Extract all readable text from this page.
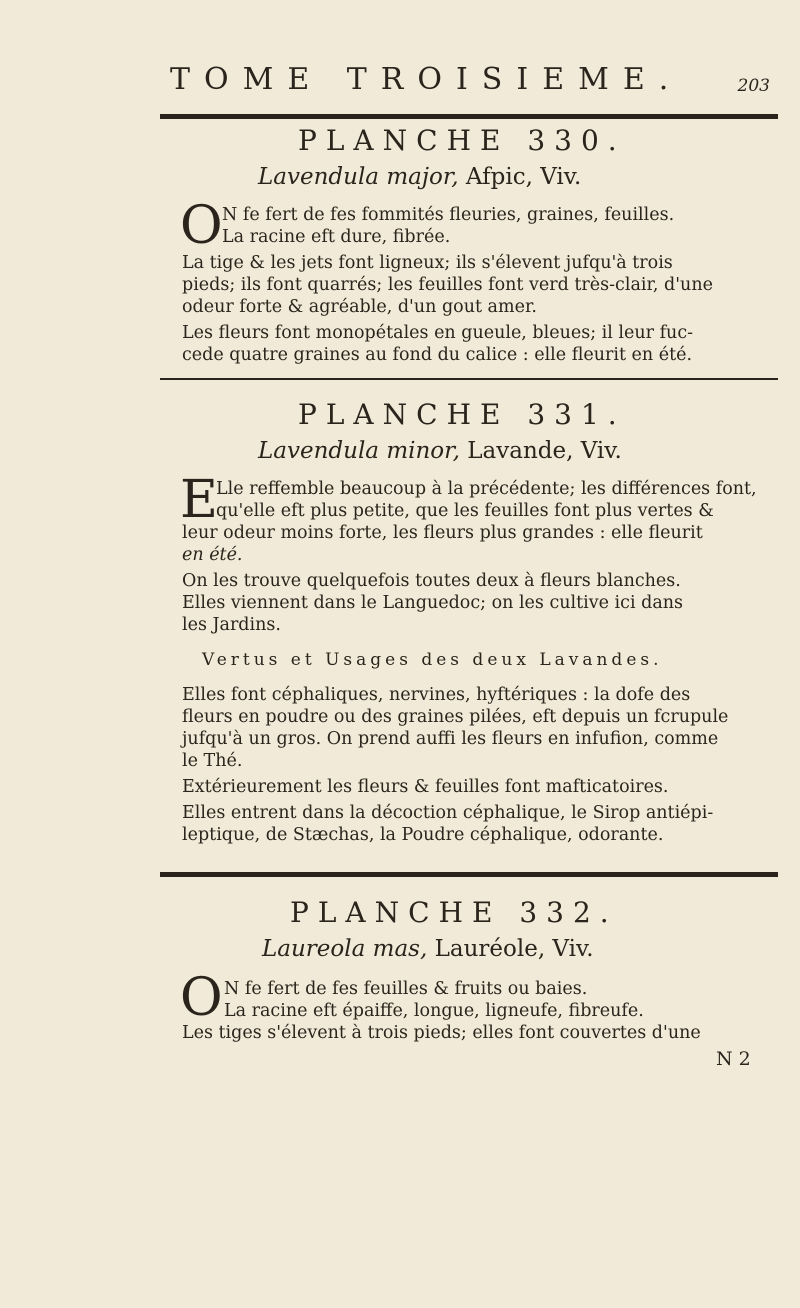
TOME TROISIEME.	203
PLANCHE 330.
Lavendula major, Afpic, Viv.
O N fe fert de fes fommités fleuries, graines, feuilles.
La racine eft dure, fibrée.

La tige & les jets font ligneux; ils s'élevent jufqu'à trois
pieds; ils font quarrés; les feuilles font verd très-clair, d'une
odeur forte & agréable, d'un gout amer.

Les fleurs font monopétales en gueule, bleues; il leur fuc-
cede quatre graines au fond du calice : elle fleurit en été.

PLANCHE 331.
Lavendula minor, Lavande, Viv.
E

Lle reffemble beaucoup à la précédente; les différences font,
qu'elle eft plus petite, que les feuilles font plus vertes &

leur odeur moins forte, les fleurs plus grandes : elle fleurit
en été.

On les trouve quelquefois toutes deux à fleurs blanches.
Elles viennent dans le Languedoc; on les cultive ici dans
les Jardins.

Vertus et Usages des deux Lavandes.

Elles font céphaliques, nervines, hyftériques : la dofe des
fleurs en poudre ou des graines pilées, eft depuis un fcrupule
jufqu'à un gros. On prend auffi les fleurs en infufion, comme
le Thé.

Extérieurement les fleurs & feuilles font mafticatoires.

Elles entrent dans la décoction céphalique, le Sirop antiépi-
leptique, de Stæchas, la Poudre céphalique, odorante.

PLANCHE 332.
Laureola mas, Lauréole, Viv.
O N fe fert de fes feuilles & fruits ou baies.
La racine eft épaiffe, longue, ligneufe, fibreufe.

Les tiges s'élevent à trois pieds; elles font couvertes d'une

N 2
